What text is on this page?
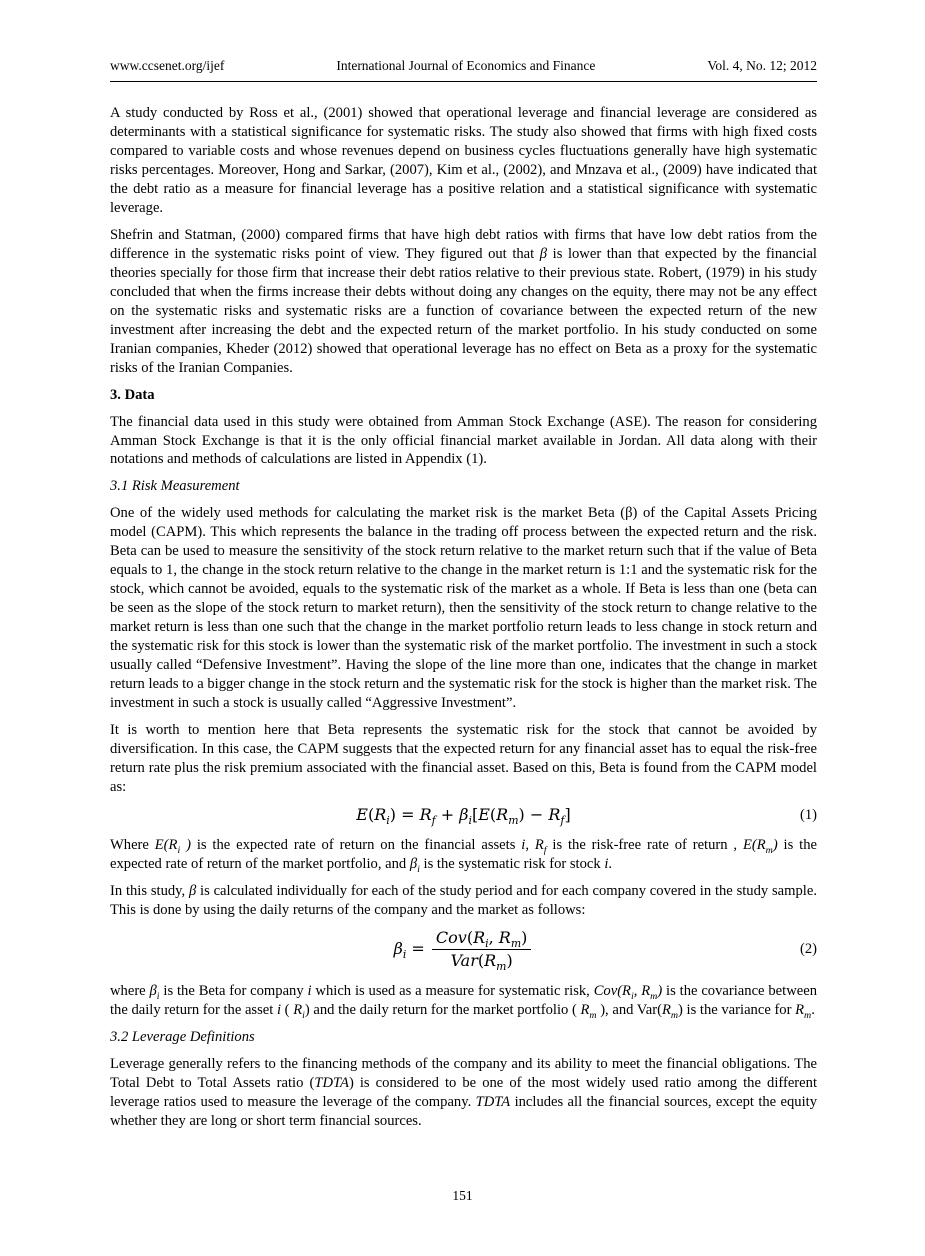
www.ccsenet.org/ijef	International Journal of Economics and Finance	Vol. 4, No. 12; 2012

A study conducted by Ross et al., (2001) showed that operational leverage and financial leverage are considered as determinants with a statistical significance for systematic risks. The study also showed that firms with high fixed costs compared to variable costs and whose revenues depend on business cycles fluctuations generally have high systematic risks percentages. Moreover, Hong and Sarkar, (2007), Kim et al., (2002), and Mnzava et al., (2009) have indicated that the debt ratio as a measure for financial leverage has a positive relation and a statistical significance with systematic leverage.

Shefrin and Statman, (2000) compared firms that have high debt ratios with firms that have low debt ratios from the difference in the systematic risks point of view. They figured out that β is lower than that expected by the financial theories specially for those firm that increase their debt ratios relative to their previous state. Robert, (1979) in his study concluded that when the firms increase their debts without doing any changes on the equity, there may not be any effect on the systematic risks and systematic risks are a function of covariance between the expected return of the new investment after increasing the debt and the expected return of the market portfolio. In his study conducted on some Iranian companies, Kheder (2012) showed that operational leverage has no effect on Beta as a proxy for the systematic risks of the Iranian Companies.

3. Data

The financial data used in this study were obtained from Amman Stock Exchange (ASE). The reason for considering Amman Stock Exchange is that it is the only official financial market available in Jordan. All data along with their notations and methods of calculations are listed in Appendix (1).

3.1 Risk Measurement

One of the widely used methods for calculating the market risk is the market Beta (β) of the Capital Assets Pricing model (CAPM). This which represents the balance in the trading off process between the expected return and the risk. Beta can be used to measure the sensitivity of the stock return relative to the market return such that if the value of Beta equals to 1, the change in the stock return relative to the change in the market return is 1:1 and the systematic risk for the stock, which cannot be avoided, equals to the systematic risk of the market as a whole. If Beta is less than one (beta can be seen as the slope of the stock return to market return), then the sensitivity of the stock return to change relative to the market return is less than one such that the change in the market portfolio return leads to less change in stock return and the systematic risk for this stock is lower than the systematic risk of the market portfolio. The investment in such a stock usually called “Defensive Investment”. Having the slope of the line more than one, indicates that the change in market return leads to a bigger change in the stock return and the systematic risk for the stock is higher than the market risk. The investment in such a stock is usually called “Aggressive Investment”.

It is worth to mention here that Beta represents the systematic risk for the stock that cannot be avoided by diversification. In this case, the CAPM suggests that the expected return for any financial asset has to equal the risk-free return rate plus the risk premium associated with the financial asset. Based on this, Beta is found from the CAPM model as:

$E(R_i) = R_f + \beta_i[E(R_m) - R_f]$	(1)

Where $E(R_i$ ) is the expected rate of return on the financial assets i, $R_f$ is the risk-free rate of return , $E(R_m)$ is the expected rate of return of the market portfolio, and $\beta_i$ is the systematic risk for stock i.

In this study, β is calculated individually for each of the study period and for each company covered in the study sample. This is done by using the daily returns of the company and the market as follows:

$\beta_i = \frac{Cov(R_i, R_m)}{Var(R_m)}$	(2)

where $\beta_i$ is the Beta for company i which is used as a measure for systematic risk, $Cov(R_i$, $R_m$) is the covariance between the daily return for the asset i ( $R_i$) and the daily return for the market portfolio ( $R_m$ ), and $Var(R_m)$ is the variance for $R_m$.

3.2 Leverage Definitions

Leverage generally refers to the financing methods of the company and its ability to meet the financial obligations. The Total Debt to Total Assets ratio (TDTA) is considered to be one of the most widely used ratio among the different leverage ratios used to measure the leverage of the company. TDTA includes all the financial sources, except the equity whether they are long or short term financial sources.

151
